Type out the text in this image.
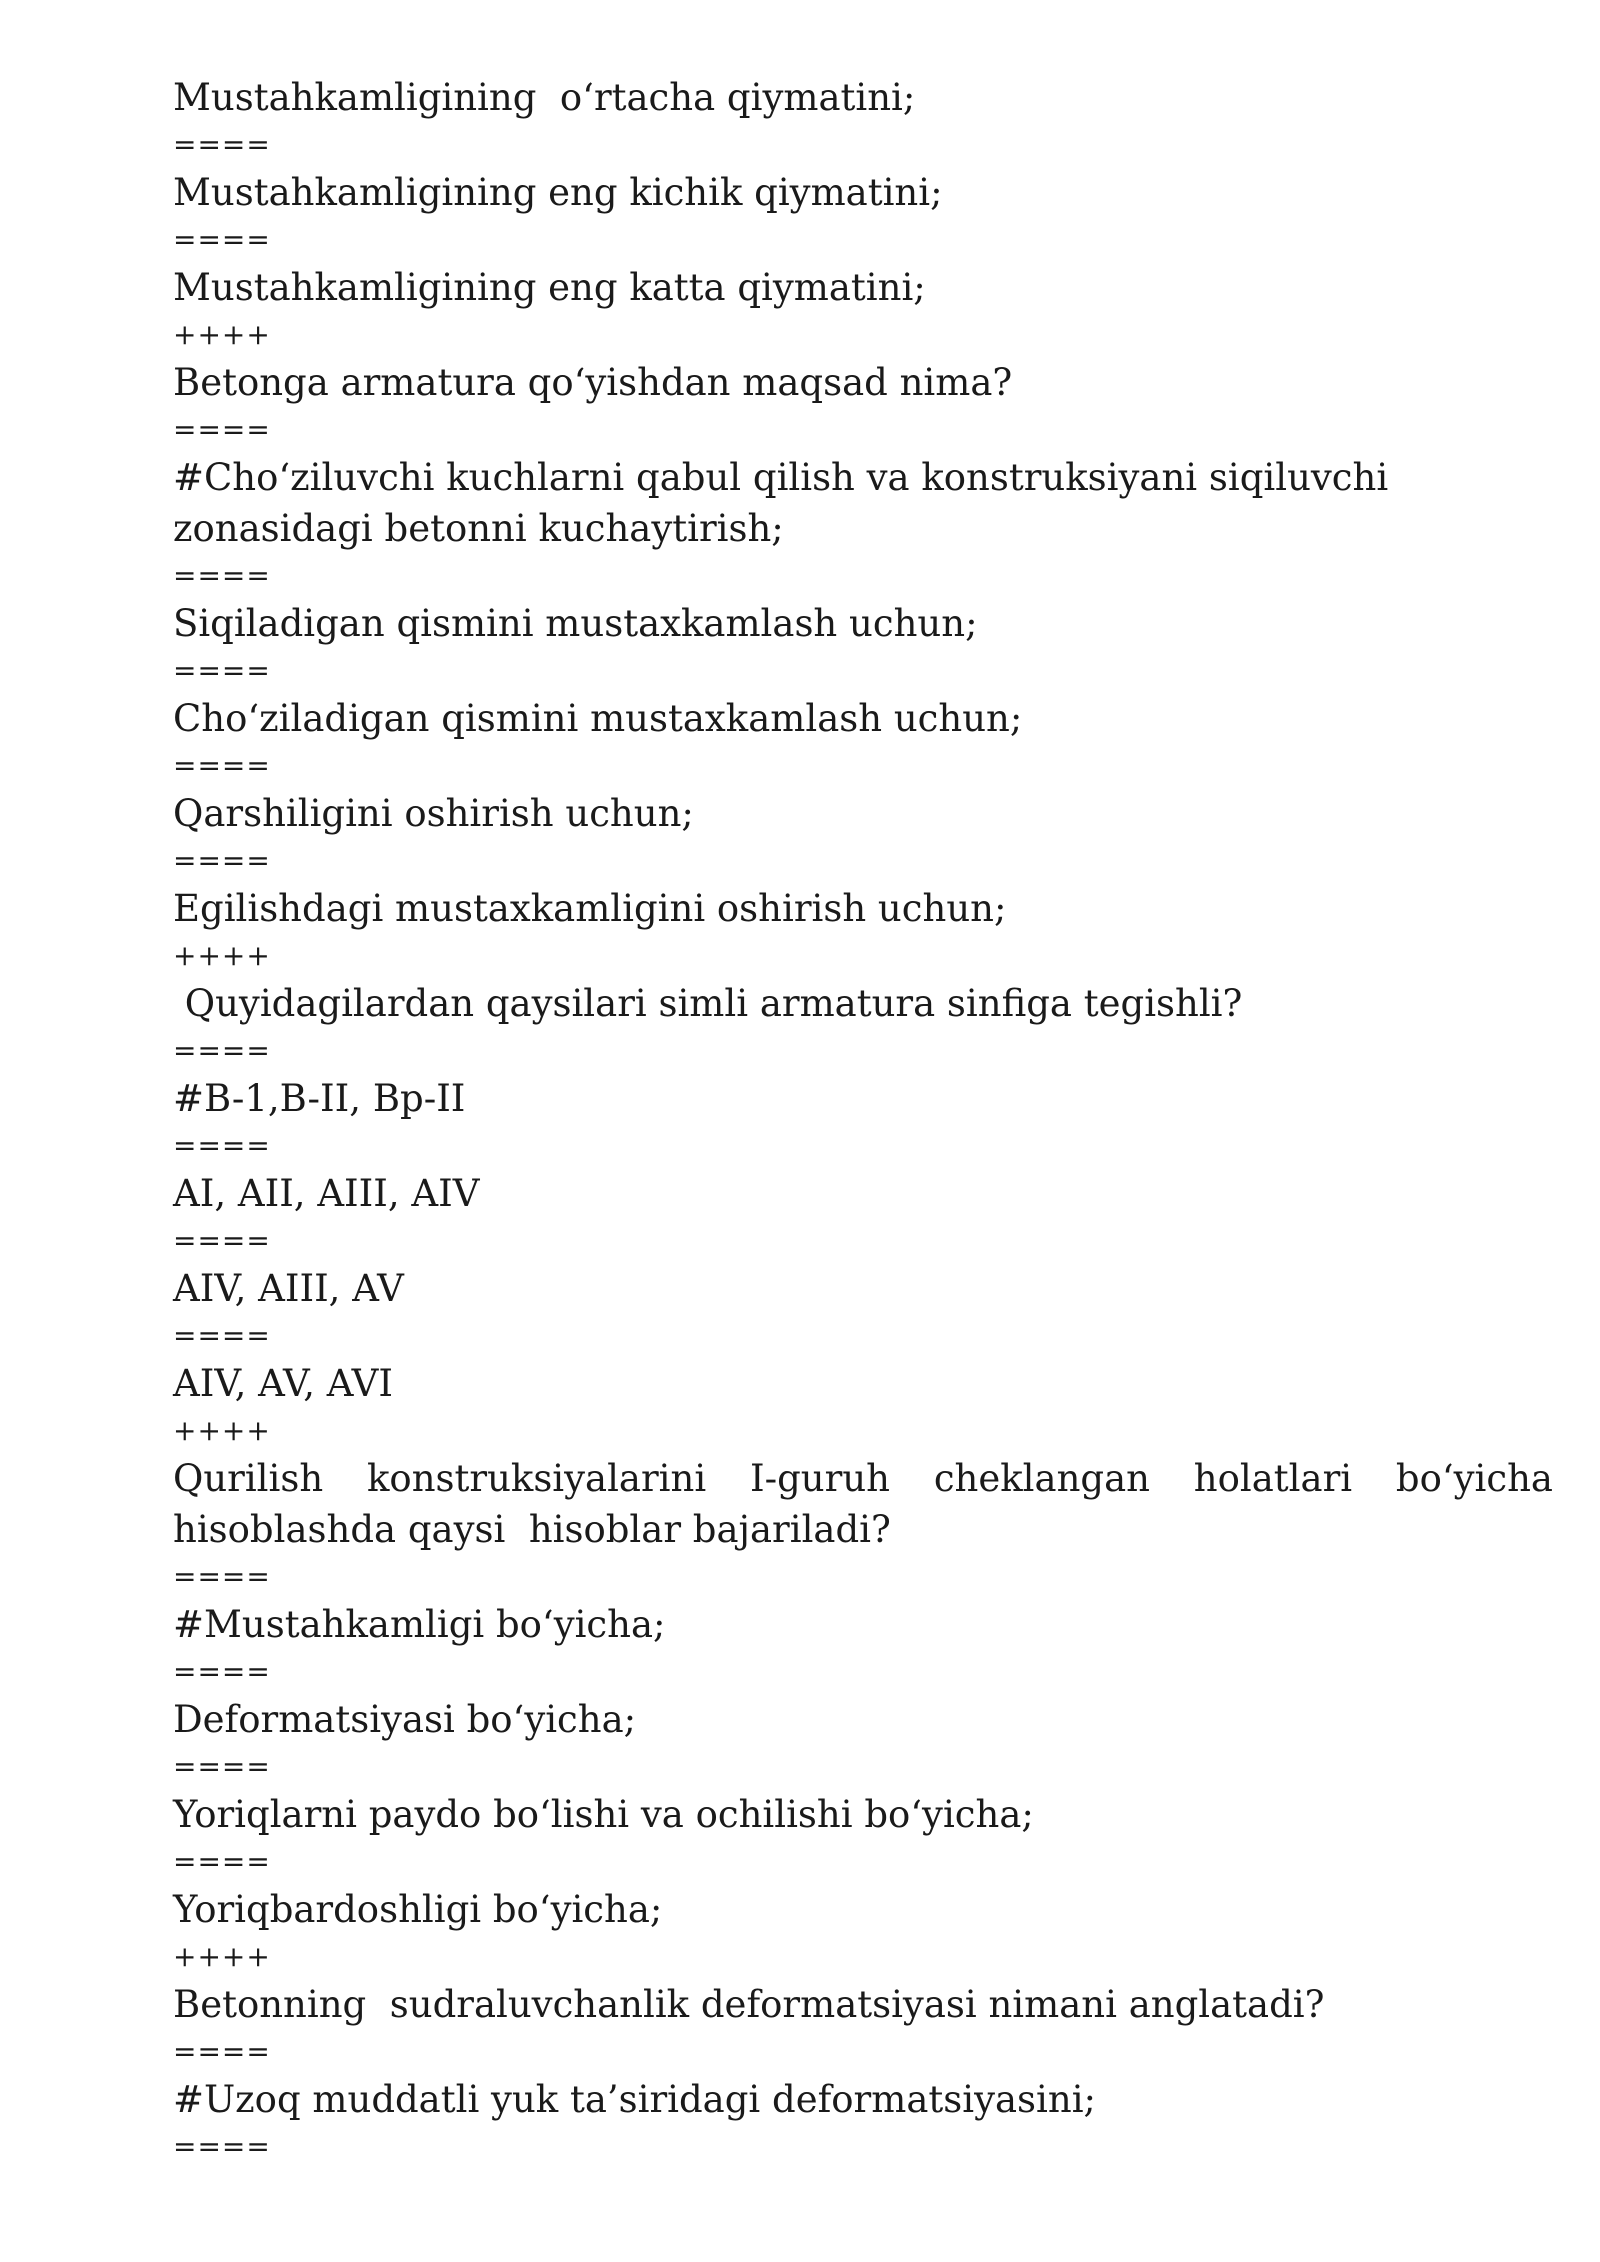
Mustahkamligining  o‘rtacha qiymatini;

====

Mustahkamligining eng kichik qiymatini;

====

Mustahkamligining eng katta qiymatini;

++++

Betonga armatura qo‘yishdan maqsad nima?

====

#Cho‘ziluvchi kuchlarni qabul qilish va konstruksiyani siqiluvchi zonasidagi betonni kuchaytirish;

====

Siqiladigan qismini mustaxkamlash uchun;

====

Cho‘ziladigan qismini mustaxkamlash uchun;

====

Qarshiligini oshirish uchun;

====

Egilishdagi mustaxkamligini oshirish uchun;

++++

Quyidagilardan qaysilari simli armatura sinfiga tegishli?

====

#B-1,B-II, Bp-II

====

AI, AII, AIII, AIV

====

AIV, AIII, AV

====

AIV, AV, AVI

++++

Qurilish konstruksiyalarini I-guruh cheklangan holatlari bo‘yicha hisoblashda qaysi  hisoblar bajariladi?

====

#Mustahkamligi bo‘yicha;

====

Deformatsiyasi bo‘yicha;

====

Yoriqlarni paydo bo‘lishi va ochilishi bo‘yicha;

====

Yoriqbardoshligi bo‘yicha;

++++

Betonning  sudraluvchanlik deformatsiyasi nimani anglatadi?

====

#Uzoq muddatli yuk ta’siridagi deformatsiyasini;

====
